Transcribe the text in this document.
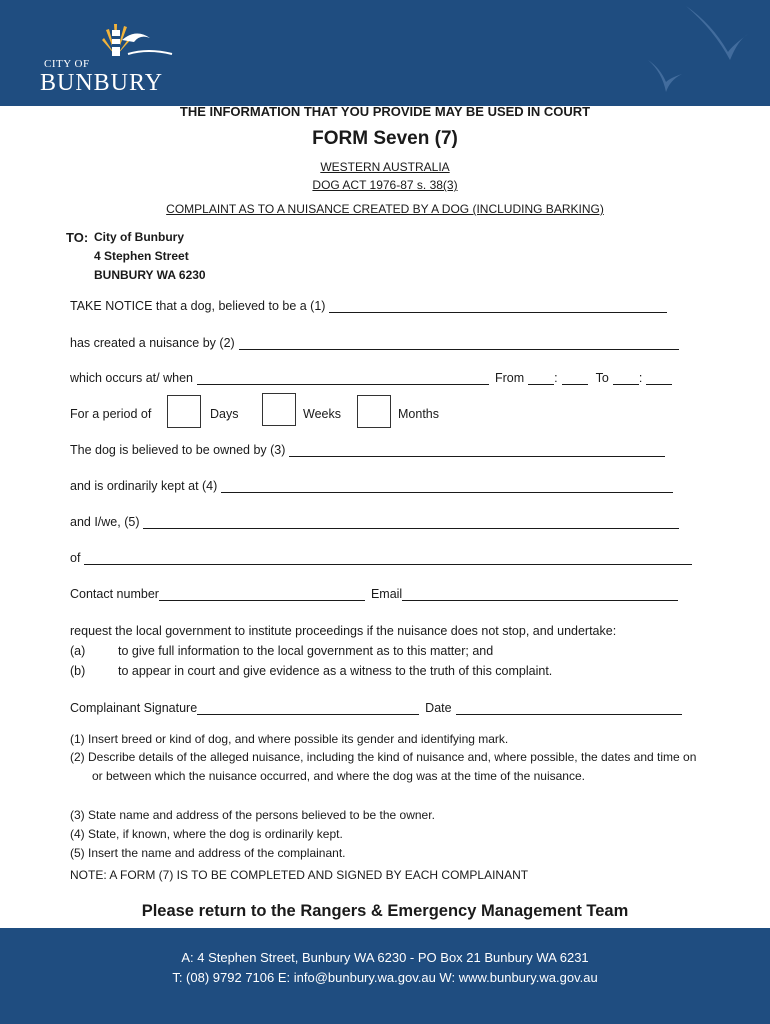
CITY OF
BUNBURY
THE INFORMATION THAT YOU PROVIDE MAY BE USED IN COURT
FORM Seven (7)
WESTERN AUSTRALIA
DOG ACT 1976-87 s. 38(3)
COMPLAINT AS TO A NUISANCE CREATED BY A DOG (INCLUDING BARKING)
TO: City of Bunbury
4 Stephen Street
BUNBURY WA 6230
TAKE NOTICE that a dog, believed to be a (1)
has created a nuisance by (2)
which occurs at/ when	From :	To :
For a period of	Days	Weeks	Months
The dog is believed to be owned by (3)
and is ordinarily kept at (4)
and I/we, (5)
of
Contact number	Email
request the local government to institute proceedings if the nuisance does not stop, and undertake:
(a)	to give full information to the local government as to this matter; and
(b)	to appear in court and give evidence as a witness to the truth of this complaint.
Complainant Signature	Date
(1) Insert breed or kind of dog, and where possible its gender and identifying mark.
(2) Describe details of the alleged nuisance, including the kind of nuisance and, where possible, the dates and time on or between which the nuisance occurred, and where the dog was at the time of the nuisance.
(3) State name and address of the persons believed to be the owner.
(4) State, if known, where the dog is ordinarily kept.
(5) Insert the name and address of the complainant.
NOTE: A FORM (7) IS TO BE COMPLETED AND SIGNED BY EACH COMPLAINANT
Please return to the Rangers & Emergency Management Team
A: 4 Stephen Street, Bunbury WA 6230 - PO Box 21 Bunbury WA 6231
T: (08) 9792 7106 E: info@bunbury.wa.gov.au W: www.bunbury.wa.gov.au
